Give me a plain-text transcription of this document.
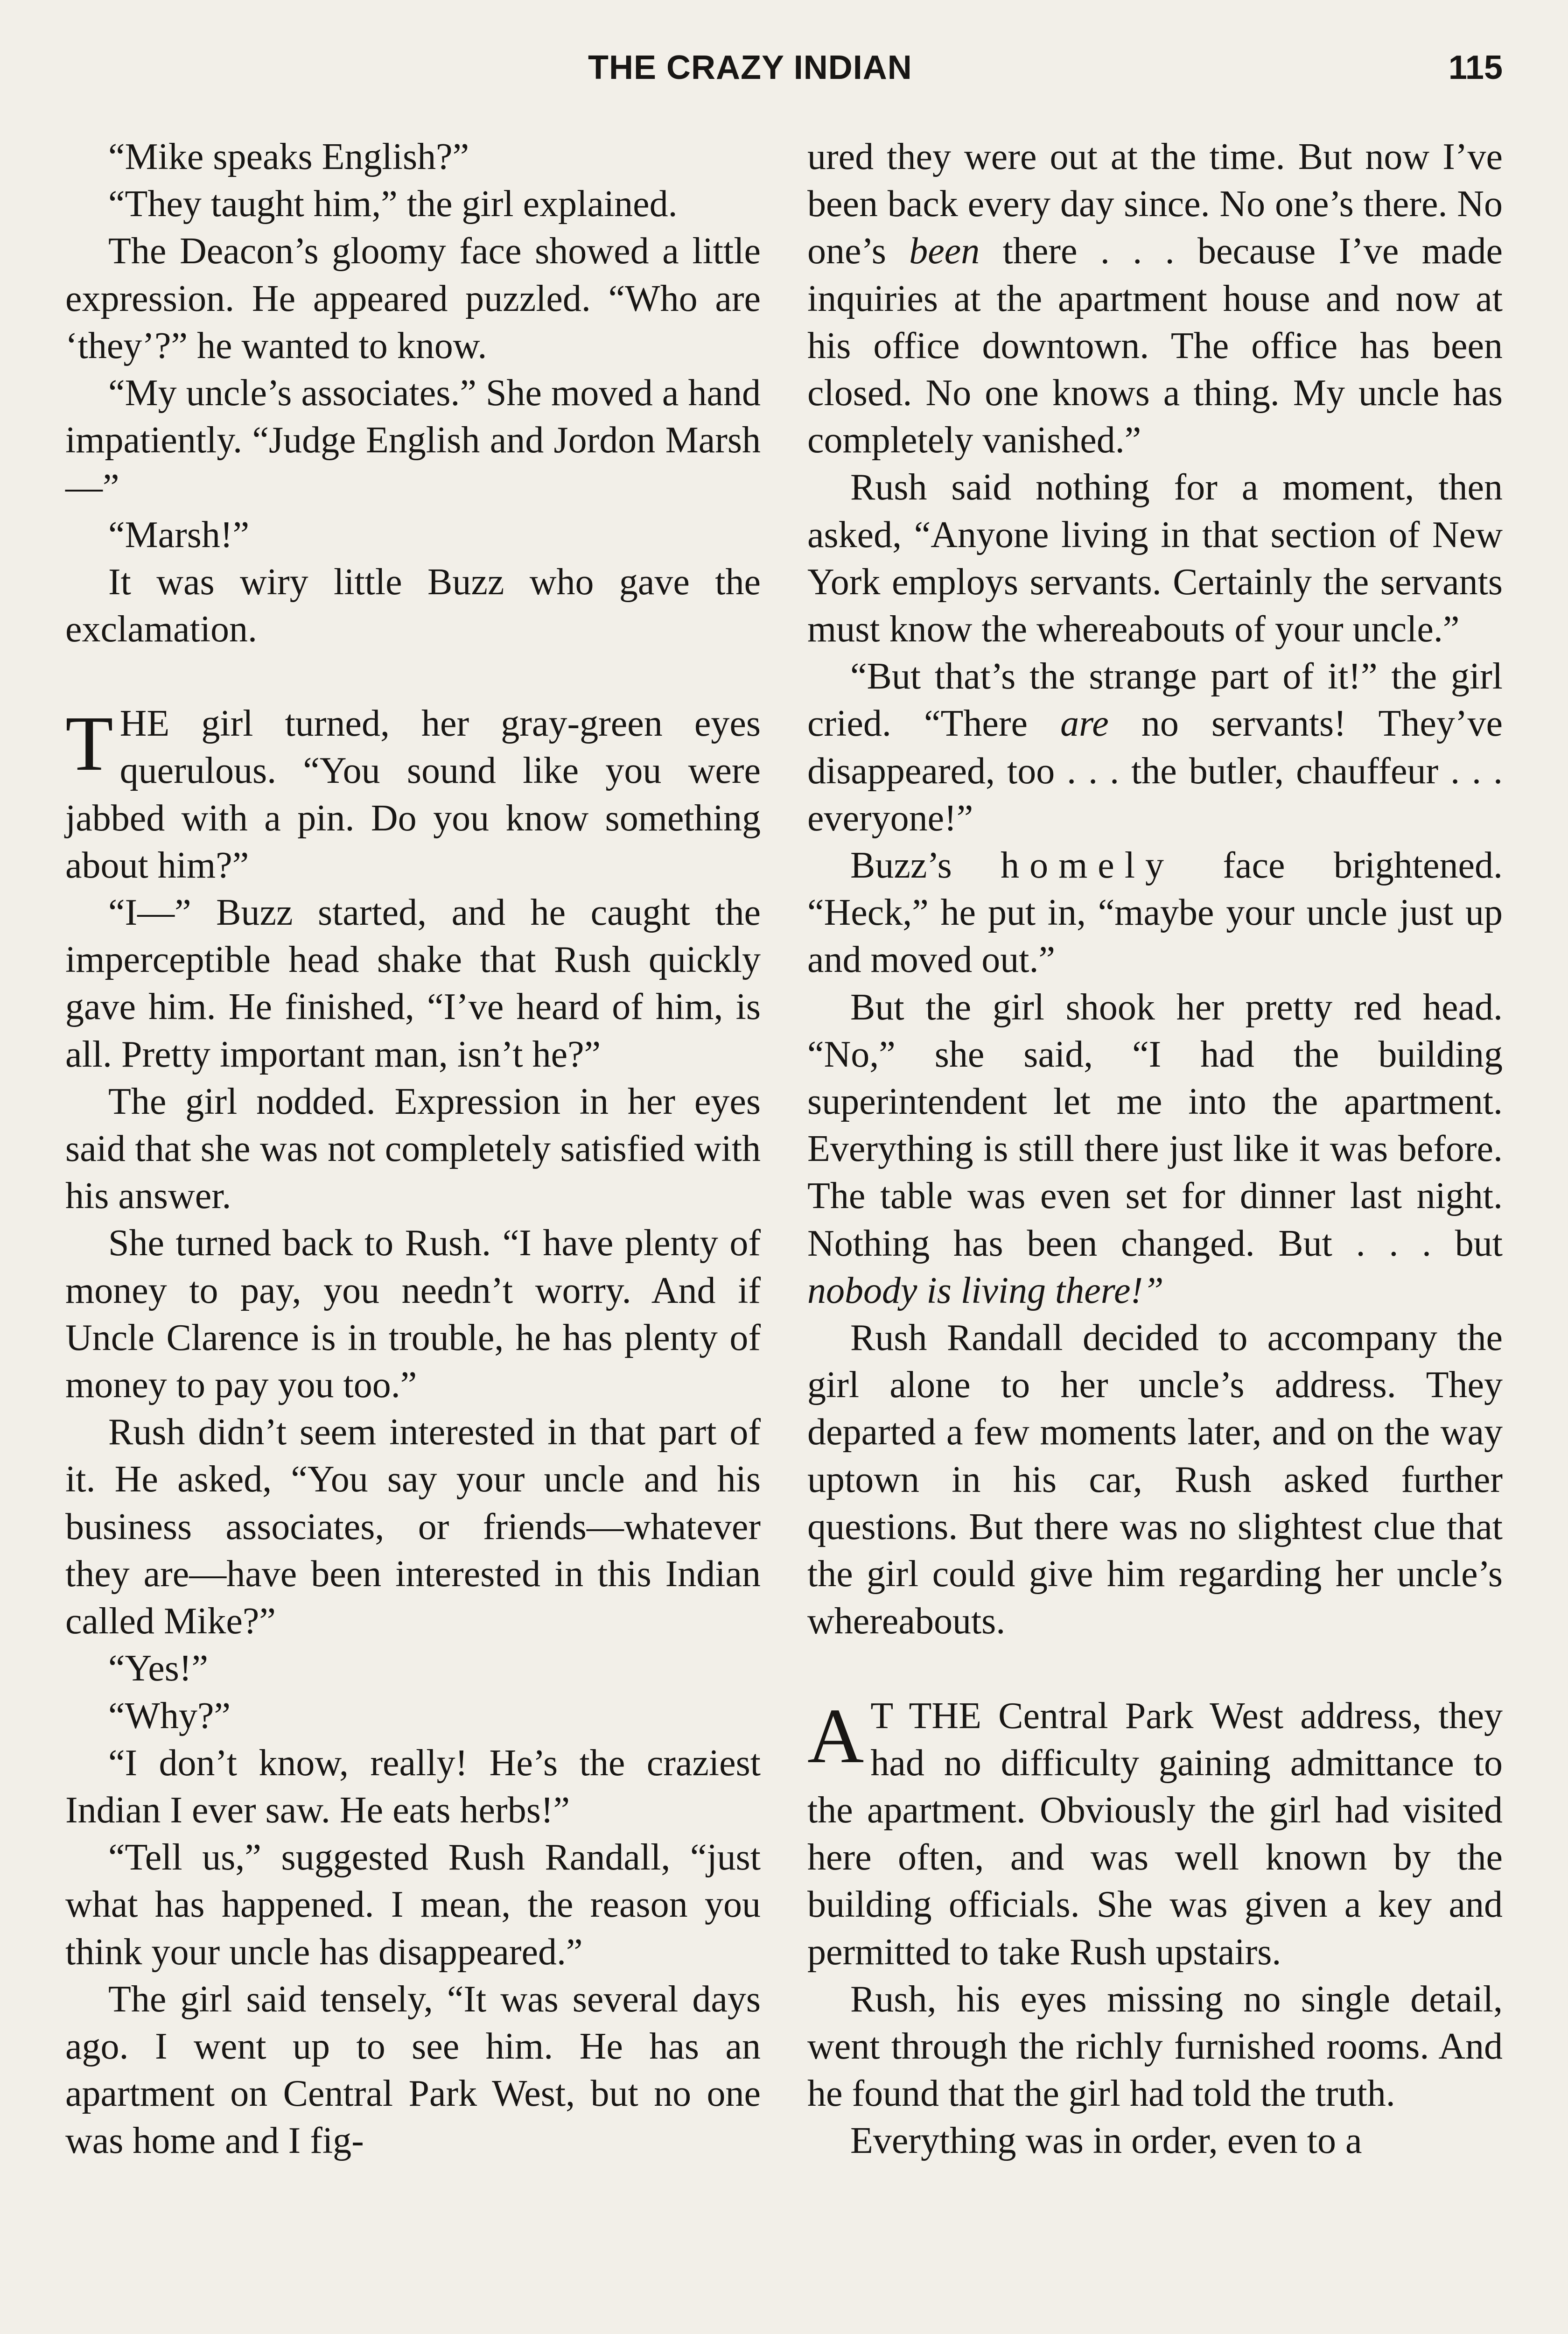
THE CRAZY INDIAN	115

“Mike speaks English?”

“They taught him,” the girl explained.

The Deacon’s gloomy face showed a little expression. He appeared puzzled. “Who are ‘they’?” he wanted to know.

“My uncle’s associates.” She moved a hand impatiently. “Judge English and Jordon Marsh—”

“Marsh!”

It was wiry little Buzz who gave the exclamation.

THE girl turned, her gray-green eyes querulous. “You sound like you were jabbed with a pin. Do you know something about him?”

“I—” Buzz started, and he caught the imperceptible head shake that Rush quickly gave him. He finished, “I’ve heard of him, is all. Pretty important man, isn’t he?”

The girl nodded. Expression in her eyes said that she was not completely satisfied with his answer.

She turned back to Rush. “I have plenty of money to pay, you needn’t worry. And if Uncle Clarence is in trouble, he has plenty of money to pay you too.”

Rush didn’t seem interested in that part of it. He asked, “You say your uncle and his business associates, or friends—whatever they are—have been interested in this Indian called Mike?”

“Yes!”

“Why?”

“I don’t know, really! He’s the craziest Indian I ever saw. He eats herbs!”

“Tell us,” suggested Rush Randall, “just what has happened. I mean, the reason you think your uncle has disappeared.”

The girl said tensely, “It was several days ago. I went up to see him. He has an apartment on Central Park West, but no one was home and I fig-

ured they were out at the time. But now I’ve been back every day since. No one’s there. No one’s been there . . . because I’ve made inquiries at the apartment house and now at his office downtown. The office has been closed. No one knows a thing. My uncle has completely vanished.”

Rush said nothing for a moment, then asked, “Anyone living in that section of New York employs servants. Certainly the servants must know the whereabouts of your uncle.”

“But that’s the strange part of it!” the girl cried. “There are no servants! They’ve disappeared, too . . . the butler, chauffeur . . . everyone!”

Buzz’s homely face brightened. “Heck,” he put in, “maybe your uncle just up and moved out.”

But the girl shook her pretty red head. “No,” she said, “I had the building superintendent let me into the apartment. Everything is still there just like it was before. The table was even set for dinner last night. Nothing has been changed. But . . . but nobody is living there!”

Rush Randall decided to accompany the girl alone to her uncle’s address. They departed a few moments later, and on the way uptown in his car, Rush asked further questions. But there was no slightest clue that the girl could give him regarding her uncle’s whereabouts.

A T THE Central Park West address, they had no difficulty gaining admittance to the apartment. Obviously the girl had visited here often, and was well known by the building officials. She was given a key and permitted to take Rush upstairs.

Rush, his eyes missing no single detail, went through the richly furnished rooms. And he found that the girl had told the truth.

Everything was in order, even to a
